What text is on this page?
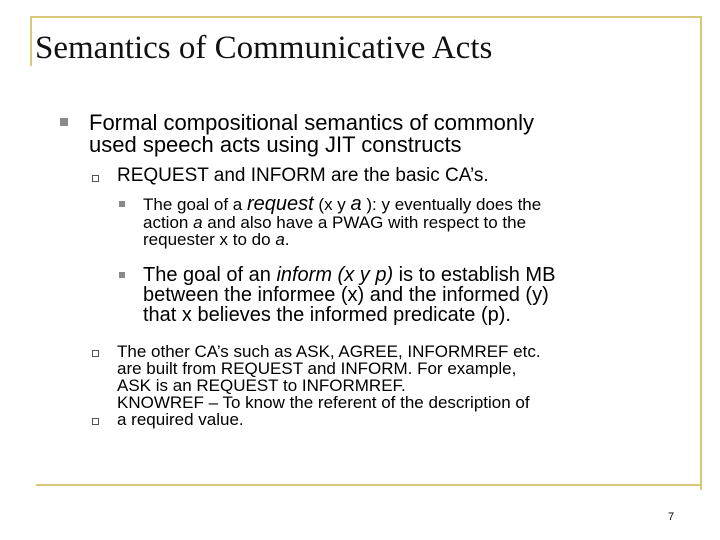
Semantics of Communicative Acts

Formal compositional semantics of commonly
used speech acts using JIT constructs

REQUEST and INFORM are the basic CA’s.

The goal of a request (x y a ): y eventually does the
action a and also have a PWAG with respect to the
requester x to do a.

The goal of an inform (x y p) is to establish MB
between the informee (x) and the informed (y)
that x believes the informed predicate (p).

The other CA’s such as ASK, AGREE, INFORMREF etc.
are built from REQUEST and INFORM. For example,
ASK is an REQUEST to INFORMREF.
KNOWREF – To know the referent of the description of
a required value.

7
